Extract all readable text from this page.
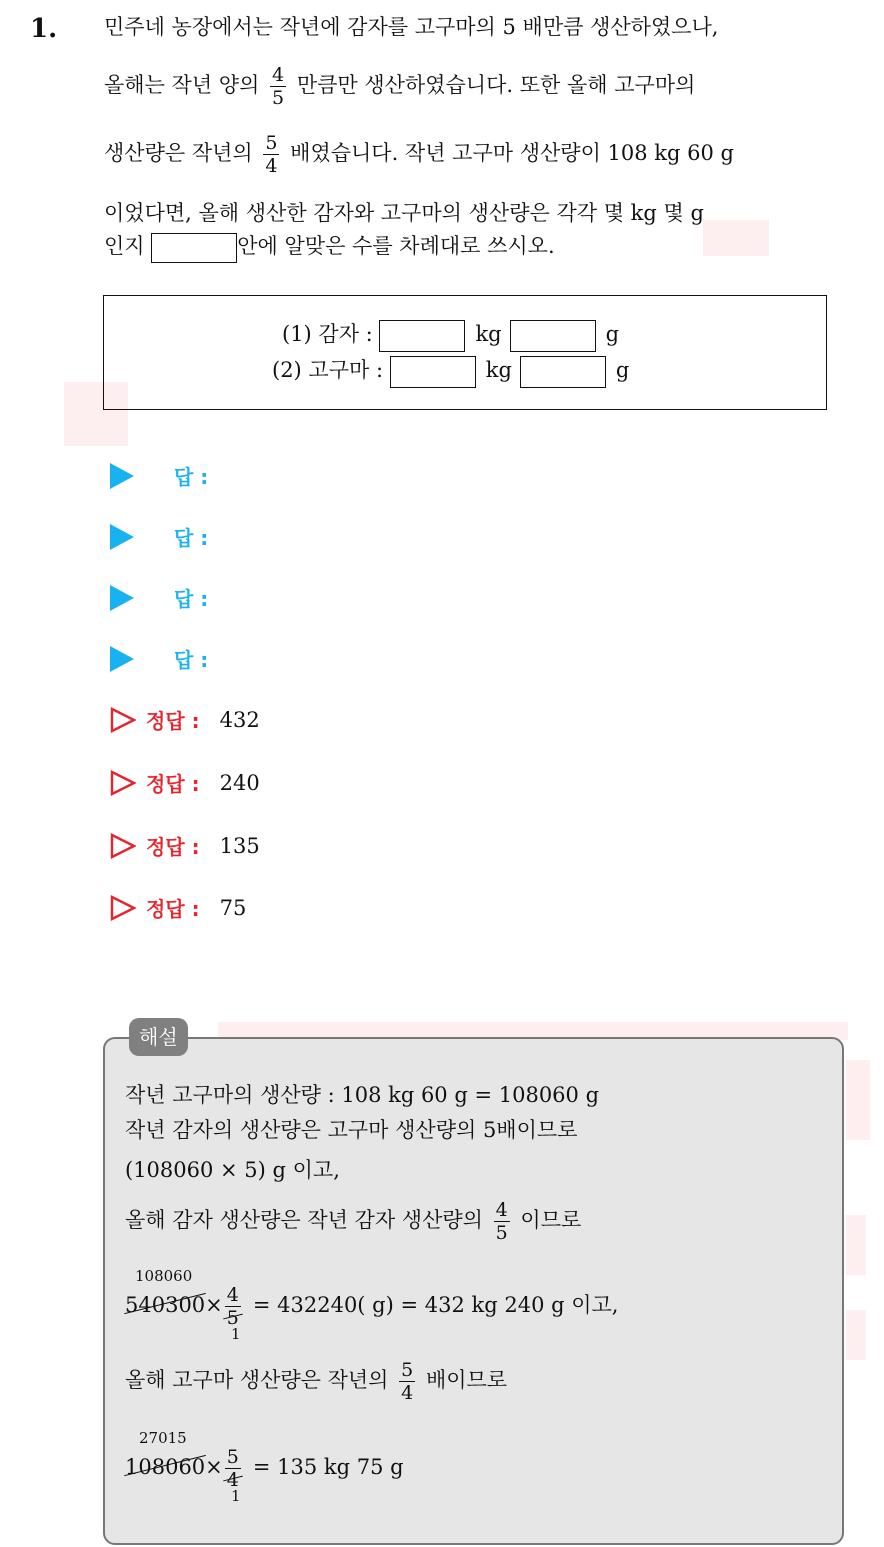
1. 민주네 농장에서는 작년에 감자를 고구마의 5 배만큼 생산하였으나,
올해는 작년 양의 $\frac{4}{5}$ 만큼만 생산하였습니다. 또한 올해 고구마의
생산량은 작년의 $\frac{5}{4}$ 배였습니다. 작년 고구마 생산량이 108 kg 60 g
이었다면, 올해 생산한 감자와 고구마의 생산량은 각각 몇 kg 몇 g
인지	안에 알맞은 수를 차례대로 쓰시오.
(1) 감자 :	kg	g
(2) 고구마 :	kg	g
답 :
답 :
답 :
답 :
정답 : 432
정답 : 240
정답 : 135
정답 : 75
작년 고구마의 생산량 : 108 kg 60 g = 108060 g
작년 감자의 생산량은 고구마 생산량의 5배이므로
(108060 × 5) g 이고,
올해 감자 생산량은 작년 감자 생산량의 $\frac{4}{5}$ 이므로
108060
$540300\times \frac{4}{5} = 432240$( g) = 432 kg 240 g 이고,
1
올해 고구마 생산량은 작년의 $\frac{5}{4}$ 배이므로
27015
$108060\times \frac{5}{4} = 135$ kg 75 g
1
해설
